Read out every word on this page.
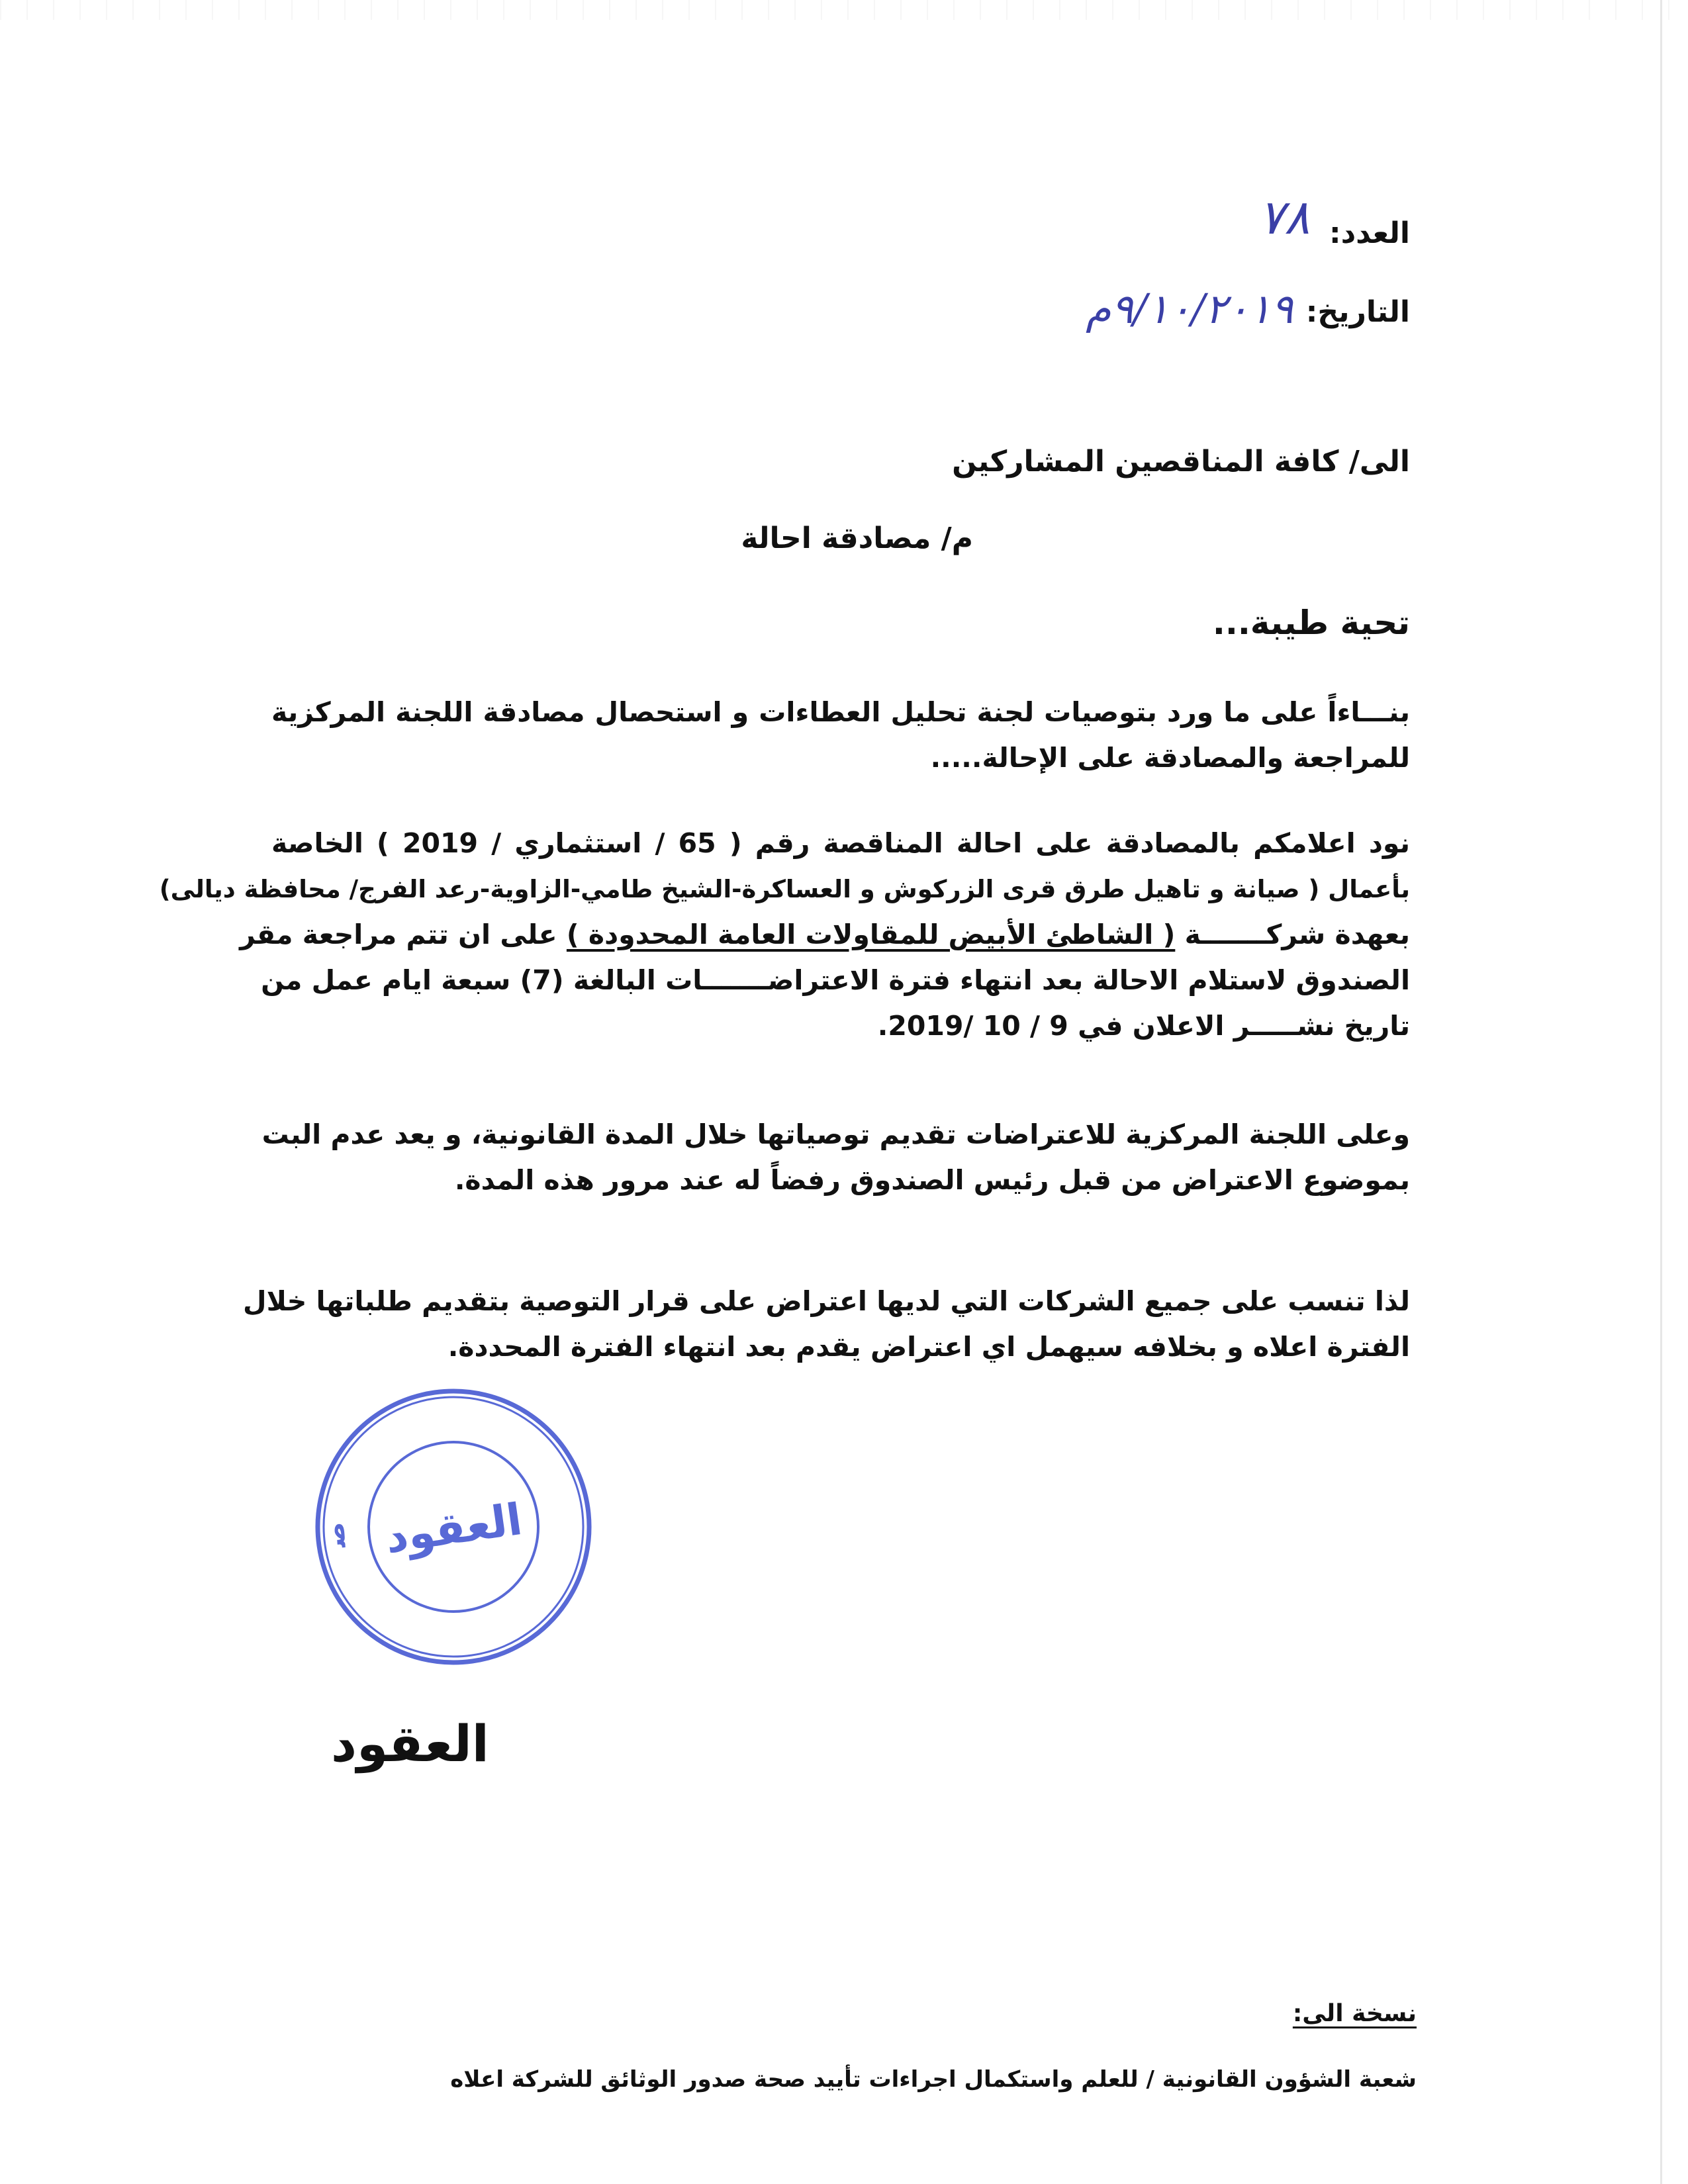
العدد: ٧٨
التاريخ: ٩/١٠/٢٠١٩م
الى/ كافة المناقصين المشاركين
م/ مصادقة احالة
تحية طيبة...
بنـــاءاً على ما ورد بتوصيات لجنة تحليل العطاءات و استحصال مصادقة اللجنة المركزية
للمراجعة والمصادقة على الإحالة.....
نود اعلامكم بالمصادقة على احالة المناقصة رقم ( 65 / استثماري / 2019 ) الخاصة
بأعمال ( صيانة و تاهيل طرق قرى الزركوش و العساكرة-الشيخ طامي-الزاوية-رعد الفرج/ محافظة ديالى)
بعهدة شركـــــــة ( الشاطئ الأبيض للمقاولات العامة المحدودة ) على ان تتم مراجعة مقر
الصندوق لاستلام الاحالة بعد انتهاء فترة الاعتراضـــــــات البالغة (7) سبعة ايام عمل من
تاريخ نشـــــر الاعلان في 9 / 10 /2019.
وعلى اللجنة المركزية للاعتراضات تقديم توصياتها خلال المدة القانونية، و يعد عدم البت
بموضوع الاعتراض من قبل رئيس الصندوق رفضاً له عند مرور هذه المدة.
لذا تنسب على جميع الشركات التي لديها اعتراض على قرار التوصية بتقديم طلباتها خلال
الفترة اعلاه و بخلافه سيهمل اي اعتراض يقدم بعد انتهاء الفترة المحددة.
صندوق العقود
العقود
نسخة الى:
شعبة الشؤون القانونية / للعلم واستكمال اجراءات تأييد صحة صدور الوثائق للشركة اعلاه
